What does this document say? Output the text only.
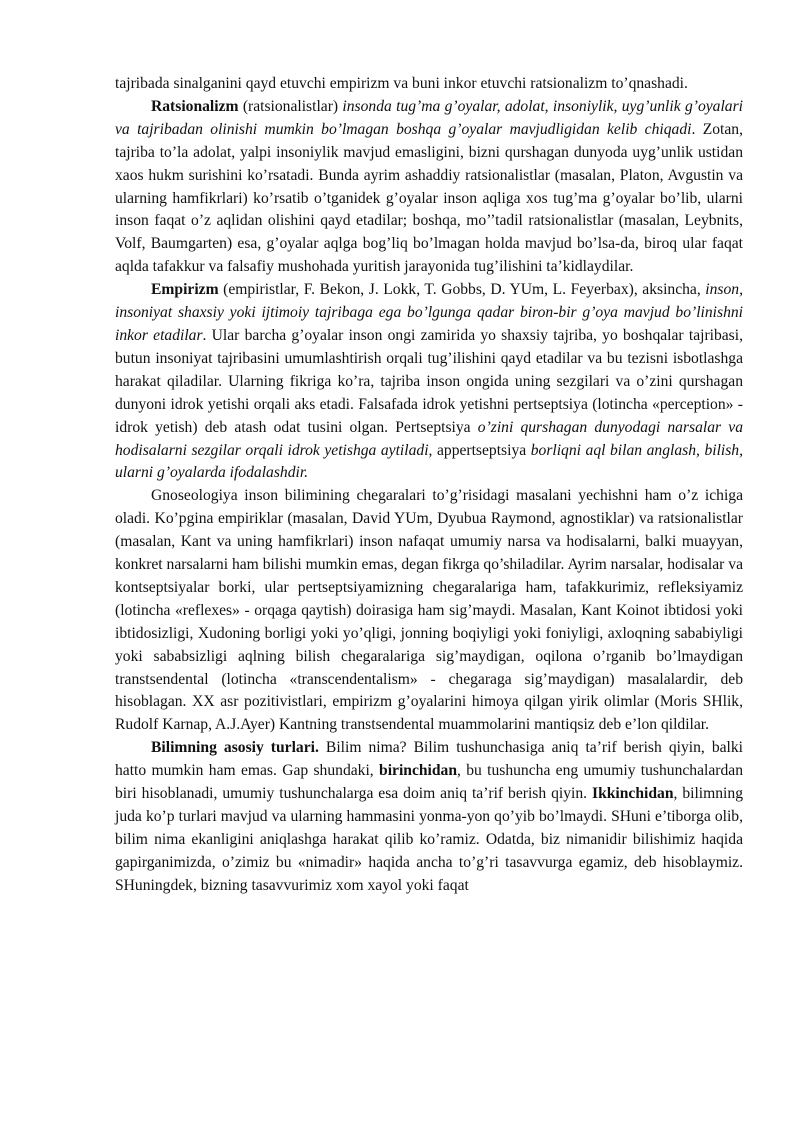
tajribada sinalganini qayd etuvchi empirizm va buni inkor etuvchi ratsionalizm to’qnashadi.

Ratsionalizm (ratsionalistlar) insonda tug’ma g’oyalar, adolat, insoniylik, uyg’unlik g’oyalari va tajribadan olinishi mumkin bo’lmagan boshqa g’oyalar mavjudligidan kelib chiqadi. Zotan, tajriba to’la adolat, yalpi insoniylik mavjud emasligini, bizni qurshagan dunyoda uyg’unlik ustidan xaos hukm surishini ko’rsatadi. Bunda ayrim ashaddiy ratsionalistlar (masalan, Platon, Avgustin va ularning hamfikrlari) ko’rsatib o’tganidek g’oyalar inson aqliga xos tug’ma g’oyalar bo’lib, ularni inson faqat o’z aqlidan olishini qayd etadilar; boshqa, mo’’tadil ratsionalistlar (masalan, Leybnits, Volf, Baumgarten) esa, g’oyalar aqlga bog’liq bo’lmagan holda mavjud bo’lsa-da, biroq ular faqat aqlda tafakkur va falsafiy mushohada yuritish jarayonida tug’ilishini ta’kidlaydilar.

Empirizm (empiristlar, F. Bekon, J. Lokk, T. Gobbs, D. YUm, L. Feyerbax), aksincha, inson, insoniyat shaxsiy yoki ijtimoiy tajribaga ega bo’lgunga qadar biron-bir g’oya mavjud bo’linishni inkor etadilar. Ular barcha g’oyalar inson ongi zamirida yo shaxsiy tajriba, yo boshqalar tajribasi, butun insoniyat tajribasini umumlashtirish orqali tug’ilishini qayd etadilar va bu tezisni isbotlashga harakat qiladilar. Ularning fikriga ko’ra, tajriba inson ongida uning sezgilari va o’zini qurshagan dunyoni idrok yetishi orqali aks etadi. Falsafada idrok yetishni pertseptsiya (lotincha «perception» - idrok yetish) deb atash odat tusini olgan. Pertseptsiya o’zini qurshagan dunyodagi narsalar va hodisalarni sezgilar orqali idrok yetishga aytiladi, appertseptsiya borliqni aql bilan anglash, bilish, ularni g’oyalarda ifodalashdir.

Gnoseologiya inson bilimining chegaralari to’g’risidagi masalani yechishni ham o’z ichiga oladi. Ko’pgina empiriklar (masalan, David YUm, Dyubua Raymond, agnostiklar) va ratsionalistlar (masalan, Kant va uning hamfikrlari) inson nafaqat umumiy narsa va hodisalarni, balki muayyan, konkret narsalarni ham bilishi mumkin emas, degan fikrga qo’shiladilar. Ayrim narsalar, hodisalar va kontseptsiyalar borki, ular pertseptsiyamizning chegaralariga ham, tafakkurimiz, refleksiyamiz (lotincha «reflexes» - orqaga qaytish) doirasiga ham sig’maydi. Masalan, Kant Koinot ibtidosi yoki ibtidosizligi, Xudoning borligi yoki yo’qligi, jonning boqiyligi yoki foniyligi, axloqning sababiyligi yoki sababsizligi aqlning bilish chegaralariga sig’maydigan, oqilona o’rganib bo’lmaydigan transtsendental (lotincha «transcendentalism» - chegaraga sig’maydigan) masalalardir, deb hisoblagan. XX asr pozitivistlari, empirizm g’oyalarini himoya qilgan yirik olimlar (Moris SHlik, Rudolf Karnap, A.J.Ayer) Kantning transtsendental muammolarini mantiqsiz deb e’lon qildilar.

Bilimning asosiy turlari. Bilim nima? Bilim tushunchasiga aniq ta’rif berish qiyin, balki hatto mumkin ham emas. Gap shundaki, birinchidan, bu tushuncha eng umumiy tushunchalardan biri hisoblanadi, umumiy tushunchalarga esa doim aniq ta’rif berish qiyin. Ikkinchidan, bilimning juda ko’p turlari mavjud va ularning hammasini yonma-yon qo’yib bo’lmaydi. SHuni e’tiborga olib, bilim nima ekanligini aniqlashga harakat qilib ko’ramiz. Odatda, biz nimanidir bilishimiz haqida gapirganimizda, o’zimiz bu «nimadir» haqida ancha to’g’ri tasavvurga egamiz, deb hisoblaymiz. SHuningdek, bizning tasavvurimiz xom xayol yoki faqat
